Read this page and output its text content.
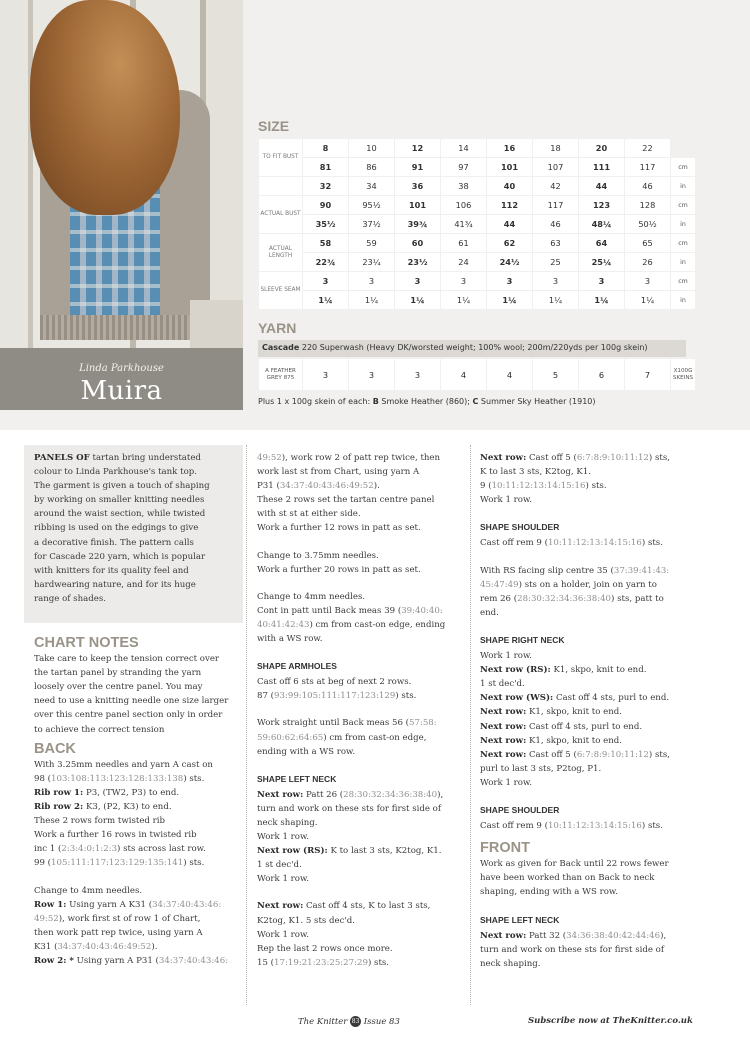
Linda Parkhouse
Muira
SIZE
TO FIT BUST	8	10	12	14	16	18	20	22	
	81	86	91	97	101	107	111	117	cm
	32	34	36	38	40	42	44	46	in
ACTUAL BUST	90	95½	101	106	112	117	123	128	cm
	35½	37½	39¾	41¾	44	46	48¼	50½	in
ACTUAL LENGTH	58	59	60	61	62	63	64	65	cm
	22¾	23¼	23½	24	24½	25	25¼	26	in
SLEEVE SEAM	3	3	3	3	3	3	3	3	cm
	1¼	1¼	1¼	1¼	1¼	1¼	1¼	1¼	in
YARN
Cascade 220 Superwash (Heavy DK/worsted weight; 100% wool; 200m/220yds per 100g skein)
A FEATHER GREY 875	3	3	3	4	4	5	6	7	X100G SKEINS
Plus 1 x 100g skein of each: B Smoke Heather (860); C Summer Sky Heather (1910)

PANELS OF tartan bring understated

colour to Linda Parkhouse's tank top.

The garment is given a touch of shaping

by working on smaller knitting needles

around the waist section, while twisted

ribbing is used on the edgings to give

a decorative finish. The pattern calls

for Cascade 220 yarn, which is popular

with knitters for its quality feel and

hardwearing nature, and for its huge

range of shades.

CHART NOTES

Take care to keep the tension correct over

the tartan panel by stranding the yarn

loosely over the centre panel. You may

need to use a knitting needle one size larger

over this centre panel section only in order

to achieve the correct tension

BACK

With 3.25mm needles and yarn A cast on

98 (103:108:113:123:128:133:138) sts.

Rib row 1: P3, (TW2, P3) to end.

Rib row 2: K3, (P2, K3) to end.

These 2 rows form twisted rib

Work a further 16 rows in twisted rib

inc 1 (2:3:4:0:1:2:3) sts across last row.

99 (105:111:117:123:129:135:141) sts.

Change to 4mm needles.

Row 1: Using yarn A K31 (34:37:40:43:46:

49:52), work first st of row 1 of Chart,

then work patt rep twice, using yarn A

K31 (34:37:40:43:46:49:52).

Row 2: * Using yarn A P31 (34:37:40:43:46:

49:52), work row 2 of patt rep twice, then

work last st from Chart, using yarn A

P31 (34:37:40:43:46:49:52).

These 2 rows set the tartan centre panel

with st st at either side.

Work a further 12 rows in patt as set.

Change to 3.75mm needles.

Work a further 20 rows in patt as set.

Change to 4mm needles.

Cont in patt until Back meas 39 (39:40:40:

40:41:42:43) cm from cast-on edge, ending

with a WS row.

SHAPE ARMHOLES

Cast off 6 sts at beg of next 2 rows.

87 (93:99:105:111:117:123:129) sts.

Work straight until Back meas 56 (57:58:

59:60:62:64:65) cm from cast-on edge,

ending with a WS row.

SHAPE LEFT NECK

Next row: Patt 26 (28:30:32:34:36:38:40),

turn and work on these sts for first side of

neck shaping.

Work 1 row.

Next row (RS): K to last 3 sts, K2tog, K1.

1 st dec'd.

Work 1 row.

Next row: Cast off 4 sts, K to last 3 sts,

K2tog, K1. 5 sts dec'd.

Work 1 row.

Rep the last 2 rows once more.

15 (17:19:21:23:25:27:29) sts.

Next row: Cast off 5 (6:7:8:9:10:11:12) sts,

K to last 3 sts, K2tog, K1.

9 (10:11:12:13:14:15:16) sts.

Work 1 row.

SHAPE SHOULDER

Cast off rem 9 (10:11:12:13:14:15:16) sts.

With RS facing slip centre 35 (37:39:41:43:

45:47:49) sts on a holder, join on yarn to

rem 26 (28:30:32:34:36:38:40) sts, patt to

end.

SHAPE RIGHT NECK

Work 1 row.

Next row (RS): K1, skpo, knit to end.

1 st dec'd.

Next row (WS): Cast off 4 sts, purl to end.

Next row: K1, skpo, knit to end.

Next row: Cast off 4 sts, purl to end.

Next row: K1, skpo, knit to end.

Next row: Cast off 5 (6:7:8:9:10:11:12) sts,

purl to last 3 sts, P2tog, P1.

Work 1 row.

SHAPE SHOULDER

Cast off rem 9 (10:11:12:13:14:15:16) sts.

FRONT

Work as given for Back until 22 rows fewer

have been worked than on Back to neck

shaping, ending with a WS row.

SHAPE LEFT NECK

Next row: Patt 32 (34:36:38:40:42:44:46),

turn and work on these sts for first side of

neck shaping.

The Knitter 83 Issue 83	Subscribe now at TheKnitter.co.uk
